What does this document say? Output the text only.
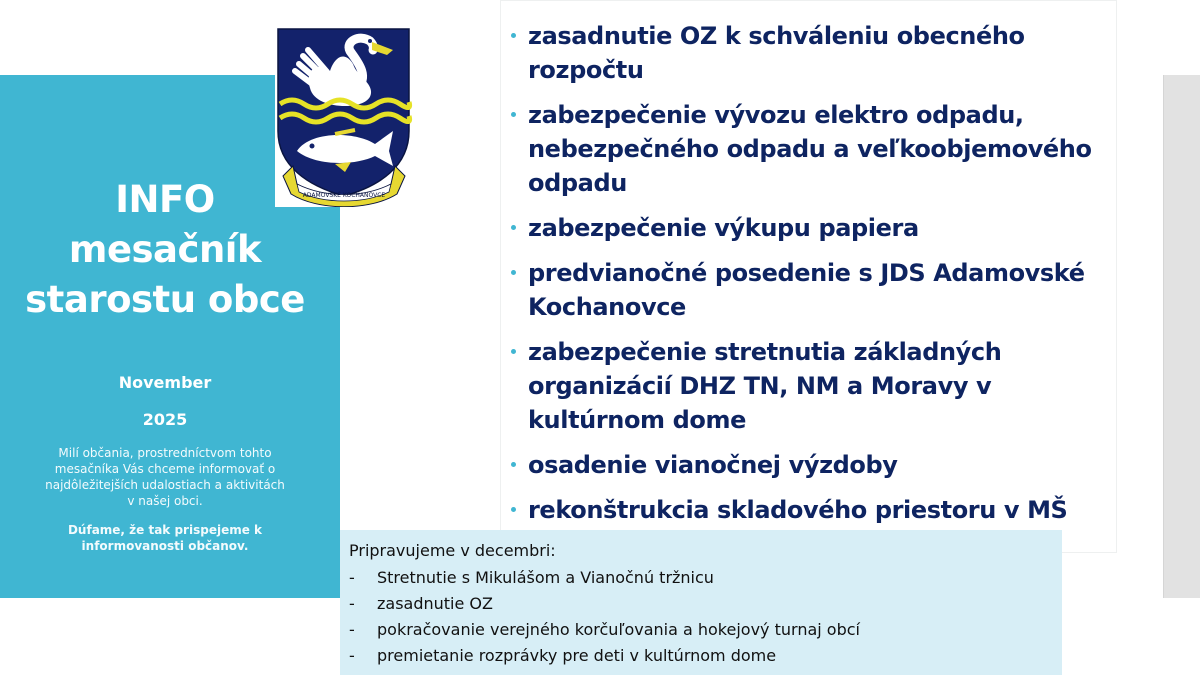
INFO
mesačník
starostu obce
November
2025
Milí občania, prostredníctvom tohto mesačníka Vás chceme informovať o najdôležitejších udalostiach a aktivitách v našej obci.
Dúfame, že tak prispejeme k informovanosti občanov.
ADAMOVSKÉ KOCHANOVCE
zasadnutie OZ k schváleniu obecného rozpočtu
zabezpečenie vývozu elektro odpadu, nebezpečného odpadu a veľkoobjemového odpadu
zabezpečenie výkupu papiera
predvianočné posedenie s JDS Adamovské Kochanovce
zabezpečenie stretnutia základných organizácií DHZ TN, NM a Moravy v kultúrnom dome
osadenie vianočnej výzdoby
rekonštrukcia skladového priestoru v MŠ
Pripravujeme v decembri:
- Stretnutie s Mikulášom a Vianočnú tržnicu
- zasadnutie OZ
- pokračovanie verejného korčuľovania a hokejový turnaj obcí
- premietanie rozprávky pre deti v kultúrnom dome
